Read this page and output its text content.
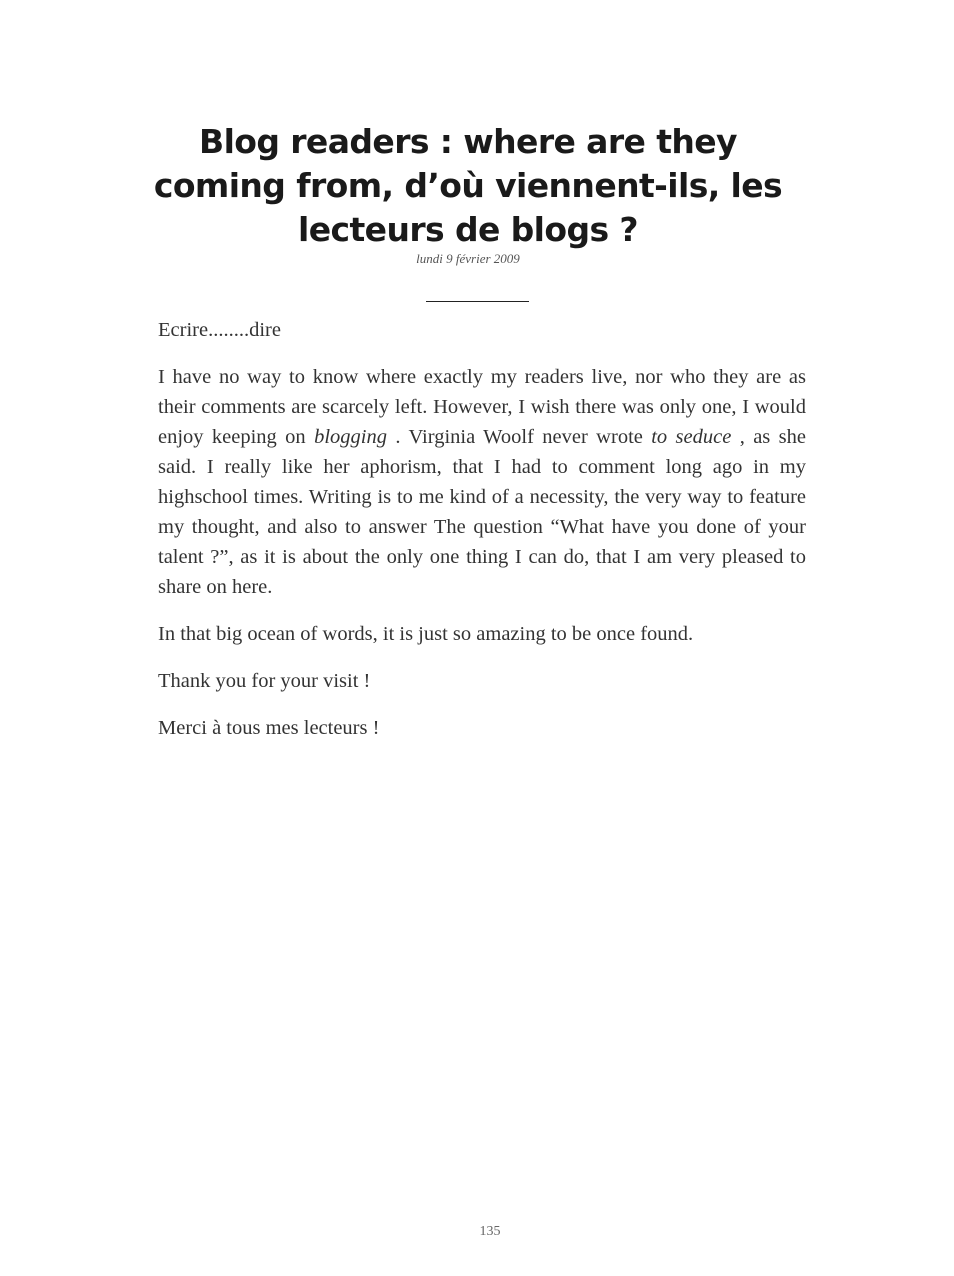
Blog readers : where are they coming from, d’où viennent-ils, les lecteurs de blogs ?
lundi 9 février 2009

Ecrire........dire

I have no way to know where exactly my readers live, nor who they are as their comments are scarcely left. However, I wish there was only one, I would enjoy keeping on blogging . Virginia Woolf never wrote to seduce , as she said. I really like her aphorism, that I had to comment long ago in my highschool times. Writing is to me kind of a necessity, the very way to feature my thought, and also to answer The question “What have you done of your talent ?”, as it is about the only one thing I can do, that I am very pleased to share on here.

In that big ocean of words, it is just so amazing to be once found.

Thank you for your visit !

Merci à tous mes lecteurs !

135
